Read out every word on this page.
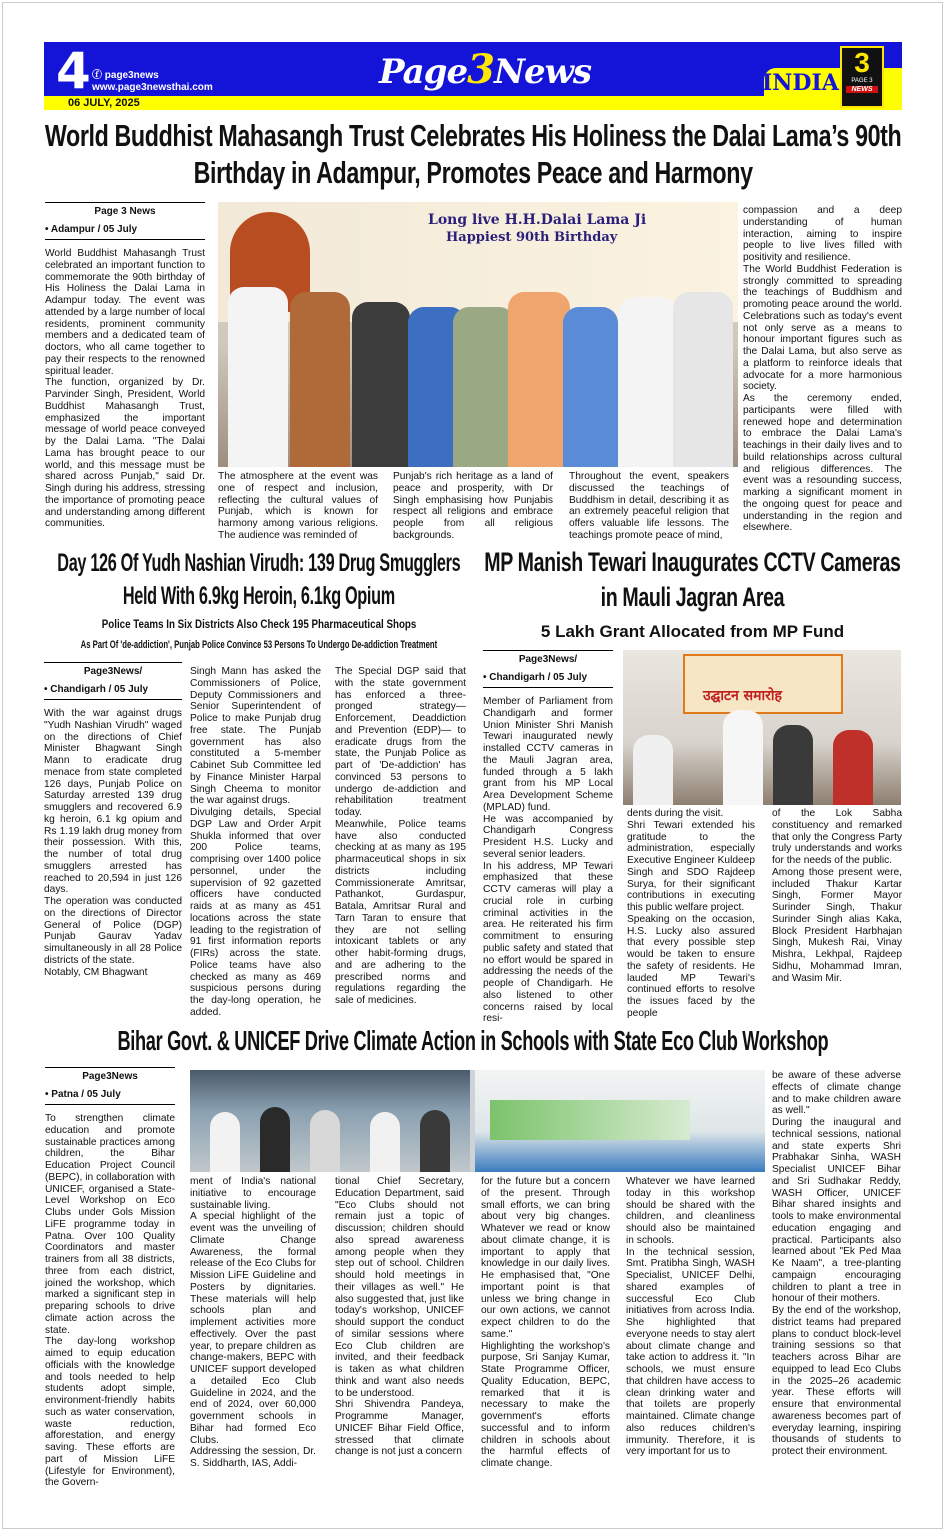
4 ⓕ page3news
www.page3newsthai.com
06 JULY, 2025
Page3News	INDIA
3
PAGE 3
NEWS
World Buddhist Mahasangh Trust Celebrates His Holiness the Dalai Lama’s 90th Birthday in Adampur, Promotes Peace and Harmony
Page 3 News
• Adampur / 05 July

World Buddhist Mahasangh Trust celebrated an important function to commemorate the 90th birthday of His Holiness the Dalai Lama in Adampur today. The event was attended by a large number of local residents, prominent community members and a dedicated team of doctors, who all came together to pay their respects to the renowned spiritual leader.

The function, organized by Dr. Parvinder Singh, President, World Buddhist Mahasangh Trust, emphasized the important message of world peace conveyed by the Dalai Lama. "The Dalai Lama has brought peace to our world, and this message must be shared across Punjab," said Dr. Singh during his address, stressing the importance of promoting peace and understanding among different communities.

Long live H.H.Dalai Lama Ji
Happiest 90th Birthday
The atmosphere at the event was one of respect and inclusion, reflecting the cultural values of Punjab, which is known for harmony among various religions. The audience was reminded of
Punjab's rich heritage as a land of peace and prosperity, with Dr Singh emphasising how Punjabis respect all religions and embrace people from all religious backgrounds.
Throughout the event, speakers discussed the teachings of Buddhism in detail, describing it as an extremely peaceful religion that offers valuable life lessons. The teachings promote peace of mind,

compassion and a deep understanding of human interaction, aiming to inspire people to live lives filled with positivity and resilience.

The World Buddhist Federation is strongly committed to spreading the teachings of Buddhism and promoting peace around the world. Celebrations such as today's event not only serve as a means to honour important figures such as the Dalai Lama, but also serve as a platform to reinforce ideals that advocate for a more harmonious society.

As the ceremony ended, participants were filled with renewed hope and determination to embrace the Dalai Lama's teachings in their daily lives and to build relationships across cultural and religious differences. The event was a resounding success, marking a significant moment in the ongoing quest for peace and understanding in the region and elsewhere.

Day 126 Of Yudh Nashian Virudh: 139 Drug Smugglers Held With 6.9kg Heroin, 6.1kg Opium
Police Teams In Six Districts Also Check 195 Pharmaceutical Shops
As Part Of 'de-addiction', Punjab Police Convince 53 Persons To Undergo De-addiction Treatment
Page3News/
• Chandigarh / 05 July

With the war against drugs "Yudh Nashian Virudh" waged on the directions of Chief Minister Bhagwant Singh Mann to eradicate drug menace from state completed 126 days, Punjab Police on Saturday arrested 139 drug smugglers and recovered 6.9 kg heroin, 6.1 kg opium and Rs 1.19 lakh drug money from their possession. With this, the number of total drug smugglers arrested has reached to 20,594 in just 126 days.

The operation was conducted on the directions of Director General of Police (DGP) Punjab Gaurav Yadav simultaneously in all 28 Police districts of the state.

Notably, CM Bhagwant

Singh Mann has asked the Commissioners of Police, Deputy Commissioners and Senior Superintendent of Police to make Punjab drug free state. The Punjab government has also constituted a 5-member Cabinet Sub Committee led by Finance Minister Harpal Singh Cheema to monitor the war against drugs.

Divulging details, Special DGP Law and Order Arpit Shukla informed that over 200 Police teams, comprising over 1400 police personnel, under the supervision of 92 gazetted officers have conducted raids at as many as 451 locations across the state leading to the registration of 91 first information reports (FIRs) across the state. Police teams have also checked as many as 469 suspicious persons during the day-long operation, he added.

The Special DGP said that with the state government has enforced a three-pronged strategy—Enforcement, Deaddiction and Prevention (EDP)— to eradicate drugs from the state, the Punjab Police as part of 'De-addiction' has convinced 53 persons to undergo de-addiction and rehabilitation treatment today.

Meanwhile, Police teams have also conducted checking at as many as 195 pharmaceutical shops in six districts including Commissionerate Amritsar, Pathankot, Gurdaspur, Batala, Amritsar Rural and Tarn Taran to ensure that they are not selling intoxicant tablets or any other habit-forming drugs, and are adhering to the prescribed norms and regulations regarding the sale of medicines.

MP Manish Tewari Inaugurates CCTV Cameras in Mauli Jagran Area
5 Lakh Grant Allocated from MP Fund
Page3News/
• Chandigarh / 05 July

Member of Parliament from Chandigarh and former Union Minister Shri Manish Tewari inaugurated newly installed CCTV cameras in the Mauli Jagran area, funded through a 5 lakh grant from his MP Local Area Development Scheme (MPLAD) fund.

He was accompanied by Chandigarh Congress President H.S. Lucky and several senior leaders.

In his address, MP Tewari emphasized that these CCTV cameras will play a crucial role in curbing criminal activities in the area. He reiterated his firm commitment to ensuring public safety and stated that no effort would be spared in addressing the needs of the people of Chandigarh. He also listened to other concerns raised by local resi-

उद्घाटन समारोह

dents during the visit.

Shri Tewari extended his gratitude to the administration, especially Executive Engineer Kuldeep Singh and SDO Rajdeep Surya, for their significant contributions in executing this public welfare project.

Speaking on the occasion, H.S. Lucky also assured that every possible step would be taken to ensure the safety of residents. He lauded MP Tewari's continued efforts to resolve the issues faced by the people

of the Lok Sabha constituency and remarked that only the Congress Party truly understands and works for the needs of the public.

Among those present were, included Thakur Kartar Singh, Former Mayor Surinder Singh, Thakur Surinder Singh alias Kaka, Block President Harbhajan Singh, Mukesh Rai, Vinay Mishra, Lekhpal, Rajdeep Sidhu, Mohammad Imran, and Wasim Mir.

Bihar Govt. & UNICEF Drive Climate Action in Schools with State Eco Club Workshop
Page3News
• Patna / 05 July

To strengthen climate education and promote sustainable practices among children, the Bihar Education Project Council (BEPC), in collaboration with UNICEF, organised a State-Level Workshop on Eco Clubs under Gols Mission LiFE programme today in Patna. Over 100 Quality Coordinators and master trainers from all 38 districts, three from each district, joined the workshop, which marked a significant step in preparing schools to drive climate action across the state.

The day-long workshop aimed to equip education officials with the knowledge and tools needed to help students adopt simple, environment-friendly habits such as water conservation, waste reduction, afforestation, and energy saving. These efforts are part of Mission LiFE (Lifestyle for Environment), the Govern-

ment of India's national initiative to encourage sustainable living.

A special highlight of the event was the unveiling of Climate Change Awareness, the formal release of the Eco Clubs for Mission LiFE Guideline and Posters by dignitaries. These materials will help schools plan and implement activities more effectively. Over the past year, to prepare children as change-makers, BEPC with UNICEF support developed a detailed Eco Club Guideline in 2024, and the end of 2024, over 60,000 government schools in Bihar had formed Eco Clubs.

Addressing the session, Dr. S. Siddharth, IAS, Addi-

tional Chief Secretary, Education Department, said "Eco Clubs should not remain just a topic of discussion; children should also spread awareness among people when they step out of school. Children should hold meetings in their villages as well." He also suggested that, just like today's workshop, UNICEF should support the conduct of similar sessions where Eco Club children are invited, and their feedback is taken as what children think and want also needs to be understood.

Shri Shivendra Pandeya, Programme Manager, UNICEF Bihar Field Office, stressed that climate change is not just a concern

for the future but a concern of the present. Through small efforts, we can bring about very big changes. Whatever we read or know about climate change, it is important to apply that knowledge in our daily lives. He emphasised that, "One important point is that unless we bring change in our own actions, we cannot expect children to do the same."

Highlighting the workshop's purpose, Sri Sanjay Kumar, State Programme Officer, Quality Education, BEPC, remarked that it is necessary to make the government's efforts successful and to inform children in schools about the harmful effects of climate change.

Whatever we have learned today in this workshop should be shared with the children, and cleanliness should also be maintained in schools.

In the technical session, Smt. Pratibha Singh, WASH Specialist, UNICEF Delhi, shared examples of successful Eco Club initiatives from across India. She highlighted that everyone needs to stay alert about climate change and take action to address it. "In schools, we must ensure that children have access to clean drinking water and that toilets are properly maintained. Climate change also reduces children's immunity. Therefore, it is very important for us to

be aware of these adverse effects of climate change and to make children aware as well."

During the inaugural and technical sessions, national and state experts Shri Prabhakar Sinha, WASH Specialist UNICEF Bihar and Sri Sudhakar Reddy, WASH Officer, UNICEF Bihar shared insights and tools to make environmental education engaging and practical. Participants also learned about "Ek Ped Maa Ke Naam", a tree-planting campaign encouraging children to plant a tree in honour of their mothers.

By the end of the workshop, district teams had prepared plans to conduct block-level training sessions so that teachers across Bihar are equipped to lead Eco Clubs in the 2025–26 academic year. These efforts will ensure that environmental awareness becomes part of everyday learning, inspiring thousands of students to protect their environment.
